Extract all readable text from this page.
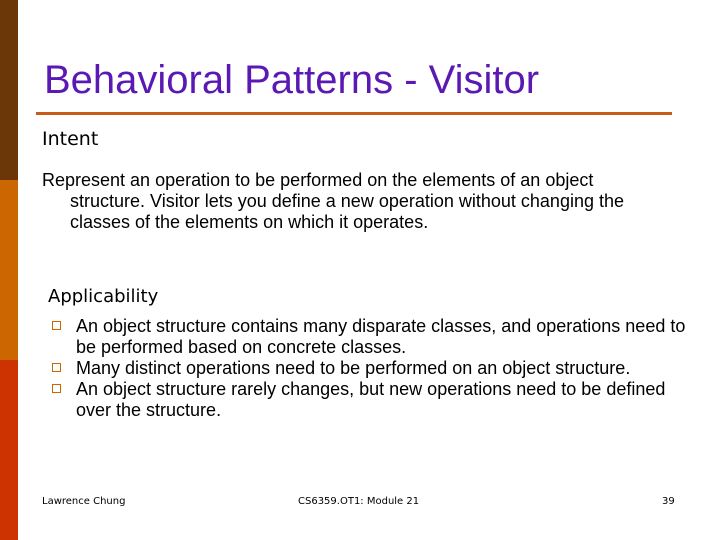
Behavioral Patterns - Visitor
Intent

Represent an operation to be performed on the elements of an object structure. Visitor lets you define a new operation without changing the classes of the elements on which it operates.

Applicability
An object structure contains many disparate classes, and operations need to be performed based on concrete classes.
Many distinct operations need to be performed on an object structure.
An object structure rarely changes, but new operations need to be defined over the structure.
Lawrence Chung	CS6359.OT1: Module 21	39
